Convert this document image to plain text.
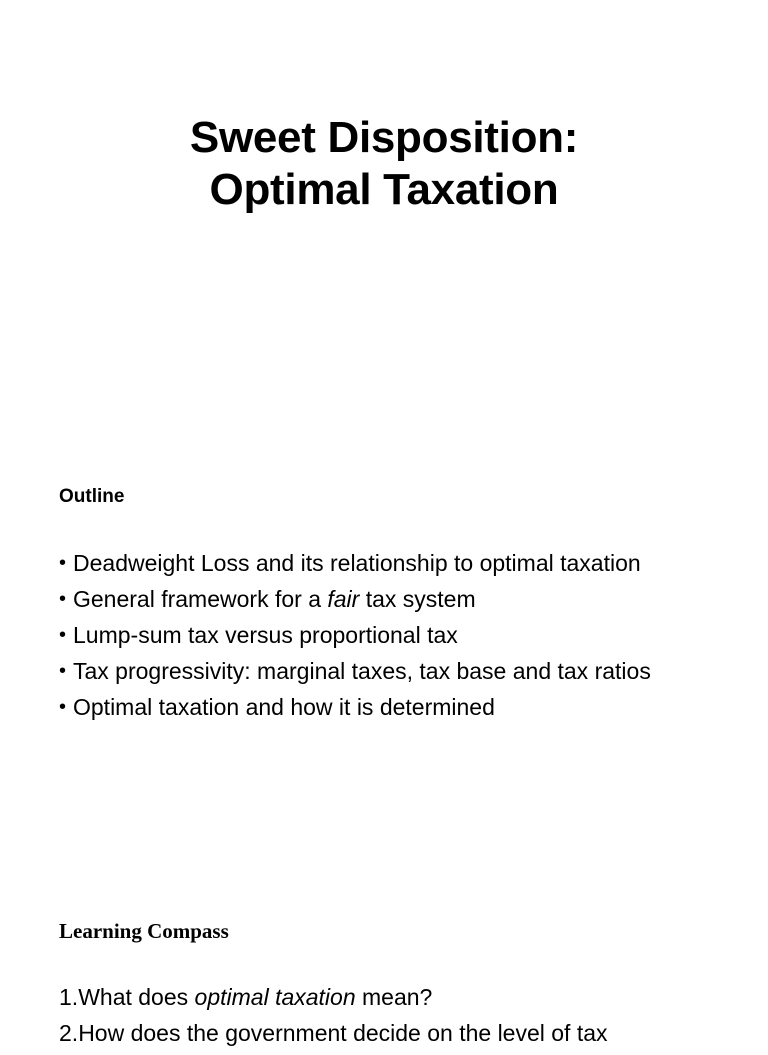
Sweet Disposition:
Optimal Taxation
Outline
• Deadweight Loss and its relationship to optimal taxation
• General framework for a fair tax system
• Lump-sum tax versus proportional tax
• Tax progressivity: marginal taxes, tax base and tax ratios
• Optimal taxation and how it is determined
Learning Compass
1.What does optimal taxation mean?
2.How does the government decide on the level of tax
